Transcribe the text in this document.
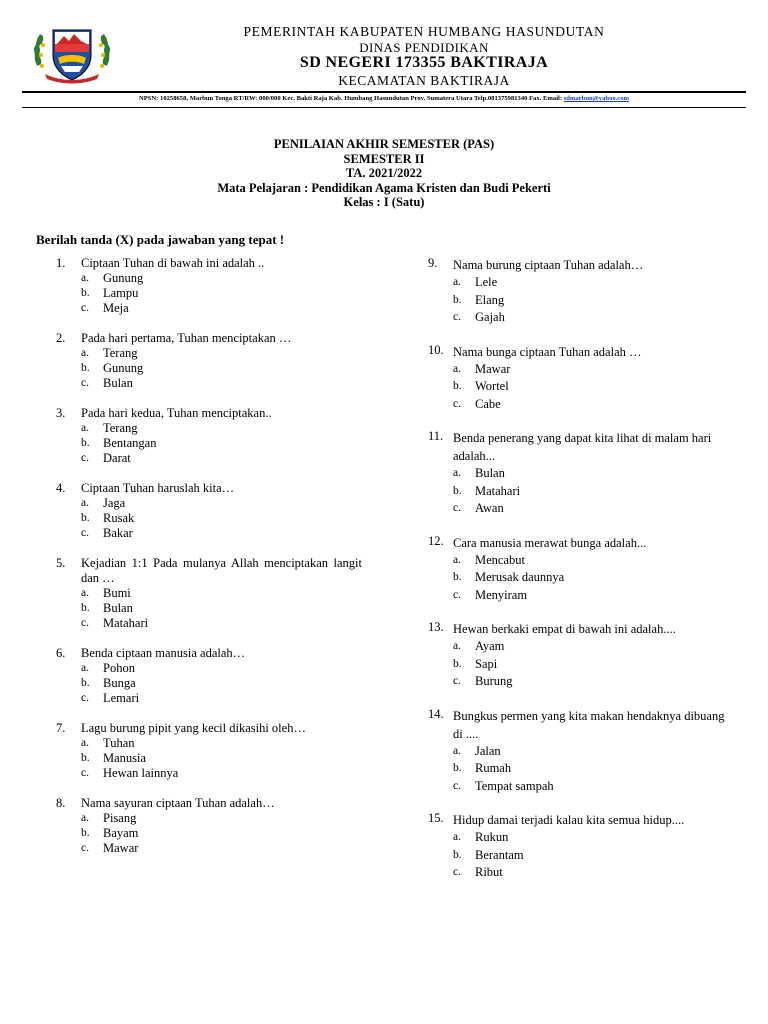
PEMERINTAH KABUPATEN HUMBANG HASUNDUTAN
DINAS PENDIDIKAN
SD NEGERI 173355 BAKTIRAJA
KECAMATAN BAKTIRAJA
NPSN: 10258658, Marbun Tonga RT/RW: 000/000 Kec. Bakti Raja Kab. Humbang Hasundutan Prov. Sumatera Utara Telp.081375981340 Fax. Email: sdmarbun@yahoo.com
PENILAIAN AKHIR SEMESTER (PAS)
SEMESTER II
TA. 2021/2022
Mata Pelajaran : Pendidikan Agama Kristen dan Budi Pekerti
Kelas : I (Satu)
Berilah tanda (X) pada jawaban yang tepat !
1.	Ciptaan Tuhan di bawah ini adalah ..
a. Gunung
b. Lampu
c. Meja
2.	Pada hari pertama, Tuhan menciptakan …
a. Terang
b. Gunung
c. Bulan
3.	Pada hari kedua, Tuhan menciptakan..
a. Terang
b. Bentangan
c. Darat
4.	Ciptaan Tuhan haruslah kita…
a. Jaga
b. Rusak
c. Bakar
5.	Kejadian 1:1 Pada mulanya Allah menciptakan langit dan …
a. Bumi
b. Bulan
c. Matahari
6.	Benda ciptaan manusia adalah…
a. Pohon
b. Bunga
c. Lemari
7.	Lagu burung pipit yang kecil dikasihi oleh…
a. Tuhan
b. Manusia
c. Hewan lainnya
8.	Nama sayuran ciptaan Tuhan adalah…
a. Pisang
b. Bayam
c. Mawar
9.	Nama burung ciptaan Tuhan adalah…
a. Lele
b. Elang
c. Gajah
10. Nama bunga ciptaan Tuhan adalah …
a. Mawar
b. Wortel
c. Cabe
11. Benda penerang yang dapat kita lihat di malam hari adalah...
a. Bulan
b. Matahari
c. Awan
12. Cara manusia merawat bunga adalah...
a. Mencabut
b. Merusak daunnya
c. Menyiram
13. Hewan berkaki empat di bawah ini adalah....
a. Ayam
b. Sapi
c. Burung
14. Bungkus permen yang kita makan hendaknya dibuang di ....
a. Jalan
b. Rumah
c. Tempat sampah
15. Hidup damai terjadi kalau kita semua hidup....
a. Rukun
b. Berantam
c. Ribut
